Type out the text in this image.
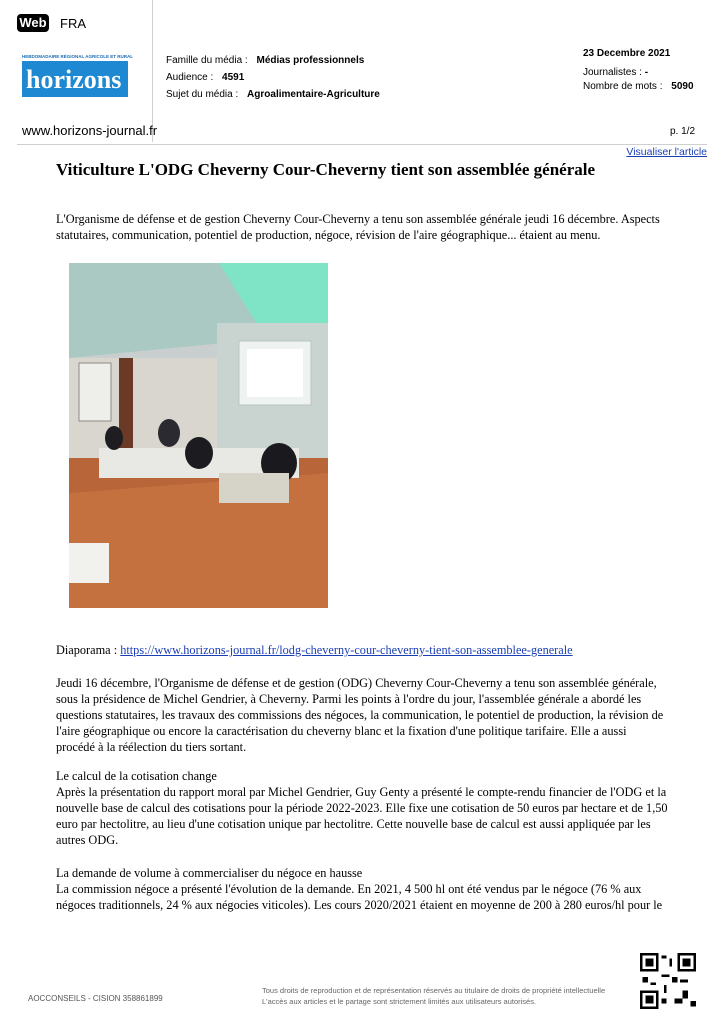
Web FRA
HEBDOMADAIRE RÉGIONAL AGRICOLE ET RURAL
horizons
www.horizons-journal.fr
Famille du média : Médias professionnels
Audience : 4591
Sujet du média : Agroalimentaire-Agriculture
23 Decembre 2021
Journalistes : -
Nombre de mots : 5090
p. 1/2
Visualiser l'article
Viticulture L'ODG Cheverny Cour-Cheverny tient son assemblée générale
L'Organisme de défense et de gestion Cheverny Cour-Cheverny a tenu son assemblée générale jeudi 16 décembre. Aspects statutaires, communication, potentiel de production, négoce, révision de l'aire géographique... étaient au menu.
Diaporama : https://www.horizons-journal.fr/lodg-cheverny-cour-cheverny-tient-son-assemblee-generale
Jeudi 16 décembre, l'Organisme de défense et de gestion (ODG) Cheverny Cour-Cheverny a tenu son assemblée générale, sous la présidence de Michel Gendrier, à Cheverny. Parmi les points à l'ordre du jour, l'assemblée générale a abordé les questions statutaires, les travaux des commissions des négoces, la communication, le potentiel de production, la révision de l'aire géographique ou encore la caractérisation du cheverny blanc et la fixation d'une politique tarifaire. Elle a aussi procédé à la réélection du tiers sortant.
Le calcul de la cotisation change
Après la présentation du rapport moral par Michel Gendrier, Guy Genty a présenté le compte-rendu financier de l'ODG et la nouvelle base de calcul des cotisations pour la période 2022-2023. Elle fixe une cotisation de 50 euros par hectare et de 1,50 euro par hectolitre, au lieu d'une cotisation unique par hectolitre. Cette nouvelle base de calcul est aussi appliquée par les autres ODG.
La demande de volume à commercialiser du négoce en hausse
La commission négoce a présenté l'évolution de la demande. En 2021, 4 500 hl ont été vendus par le négoce (76 % aux négoces traditionnels, 24 % aux négocies viticoles). Les cours 2020/2021 étaient en moyenne de 200 à 280 euros/hl pour le
AOCCONSEILS - CISION 358861899
Tous droits de reproduction et de représentation réservés au titulaire de droits de propriété intellectuelle
L'accès aux articles et le partage sont strictement limités aux utilisateurs autorisés.
